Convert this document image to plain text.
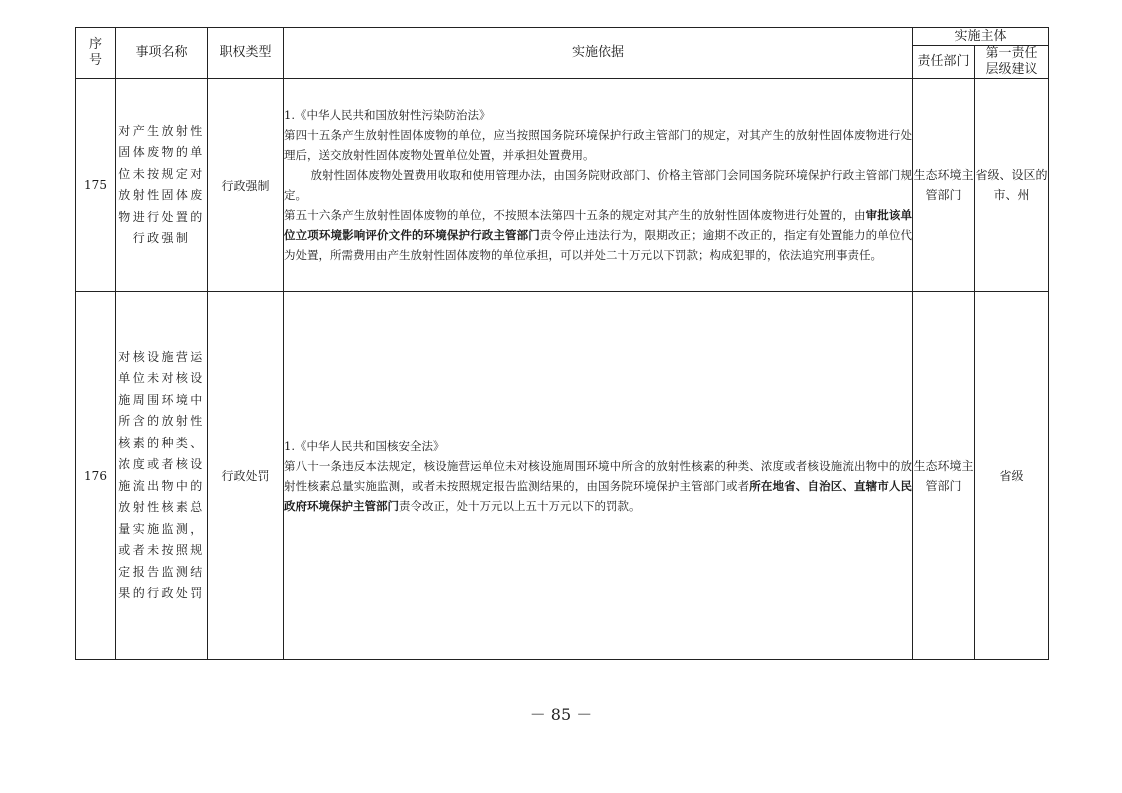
序号	事项名称	职权类型	实施依据	实施主体	
				责任部门	第一责任层级建议
175	对产生放射性固体废物的单位未按规定对放射性固体废物进行处置的行政强制	行政强制	1.《中华人民共和国放射性污染防治法》

第四十五条产生放射性固体废物的单位，应当按照国务院环境保护行政主管部门的规定，对其产生的放射性固体废物进行处理后，送交放射性固体废物处置单位处置，并承担处置费用。

放射性固体废物处置费用收取和使用管理办法，由国务院财政部门、价格主管部门会同国务院环境保护行政主管部门规定。

第五十六条产生放射性固体废物的单位，不按照本法第四十五条的规定对其产生的放射性固体废物进行处置的，由审批该单位立项环境影响评价文件的环境保护行政主管部门责令停止违法行为，限期改正；逾期不改正的，指定有处置能力的单位代为处置，所需费用由产生放射性固体废物的单位承担，可以并处二十万元以下罚款；构成犯罪的，依法追究刑事责任。	生态环境主管部门	省级、设区的市、州
176	对核设施营运单位未对核设施周围环境中所含的放射性核素的种类、浓度或者核设施流出物中的放射性核素总量实施监测，或者未按照规定报告监测结果的行政处罚	行政处罚	1.《中华人民共和国核安全法》

第八十一条违反本法规定，核设施营运单位未对核设施周围环境中所含的放射性核素的种类、浓度或者核设施流出物中的放射性核素总量实施监测，或者未按照规定报告监测结果的，由国务院环境保护主管部门或者所在地省、自治区、直辖市人民政府环境保护主管部门责令改正，处十万元以上五十万元以下的罚款。	生态环境主管部门	省级
－ 85 －
